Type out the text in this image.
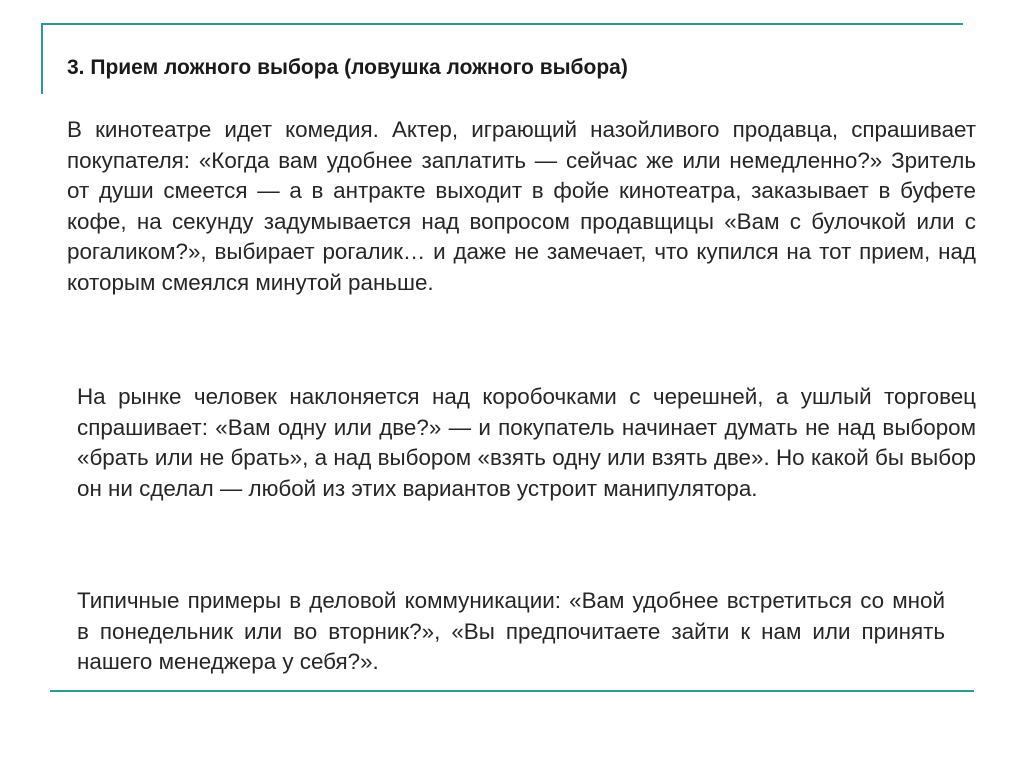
3. Прием ложного выбора (ловушка ложного выбора)
В кинотеатре идет комедия. Актер, играющий назойливого продавца, спрашивает покупателя: «Когда вам удобнее заплатить — сейчас же или немедленно?» Зритель от души смеется — а в антракте выходит в фойе кинотеатра, заказывает в буфете кофе, на секунду задумывается над вопросом продавщицы «Вам с булочкой или с рогаликом?», выбирает рогалик… и даже не замечает, что купился на тот прием, над которым смеялся минутой раньше.
На рынке человек наклоняется над коробочками с черешней, а ушлый торговец спрашивает: «Вам одну или две?» — и покупатель начинает думать не над выбором «брать или не брать», а над выбором «взять одну или взять две». Но какой бы выбор он ни сделал — любой из этих вариантов устроит манипулятора.
Типичные примеры в деловой коммуникации: «Вам удобнее встретиться со мной в понедельник или во вторник?», «Вы предпочитаете зайти к нам или принять нашего менеджера у себя?».
